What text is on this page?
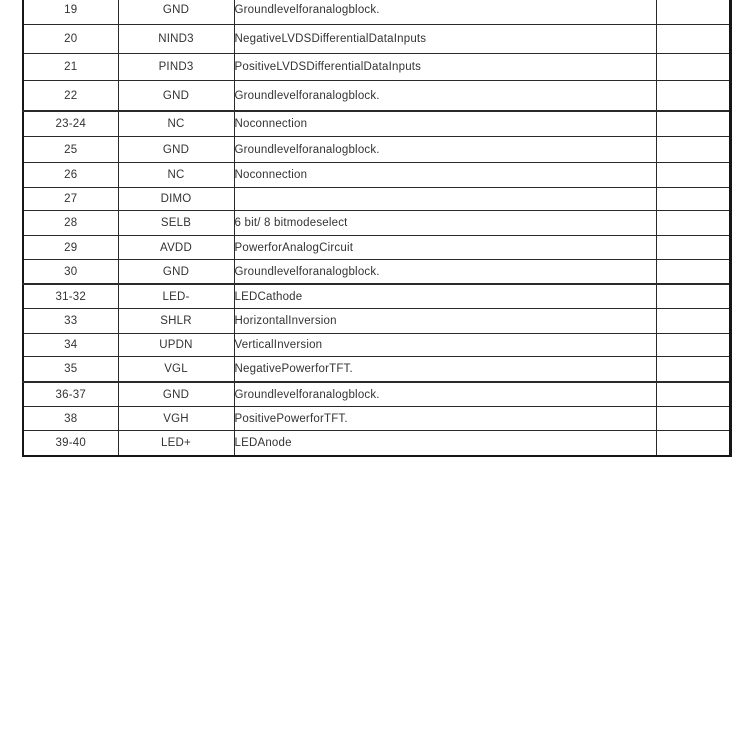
19	GND	Groundlevelforanalogblock.	
20	NIND3	NegativeLVDSDifferentialDataInputs	
21	PIND3	PositiveLVDSDifferentialDataInputs	
22	GND	Groundlevelforanalogblock.	
23-24	NC	Noconnection	
25	GND	Groundlevelforanalogblock.	
26	NC	Noconnection	
27	DIMO		
28	SELB	6 bit/ 8 bitmodeselect	
29	AVDD	PowerforAnalogCircuit	
30	GND	Groundlevelforanalogblock.	
31-32	LED-	LEDCathode	
33	SHLR	HorizontalInversion	
34	UPDN	VerticalInversion	
35	VGL	NegativePowerforTFT.	
36-37	GND	Groundlevelforanalogblock.	
38	VGH	PositivePowerforTFT.	
39-40	LED+	LEDAnode	
